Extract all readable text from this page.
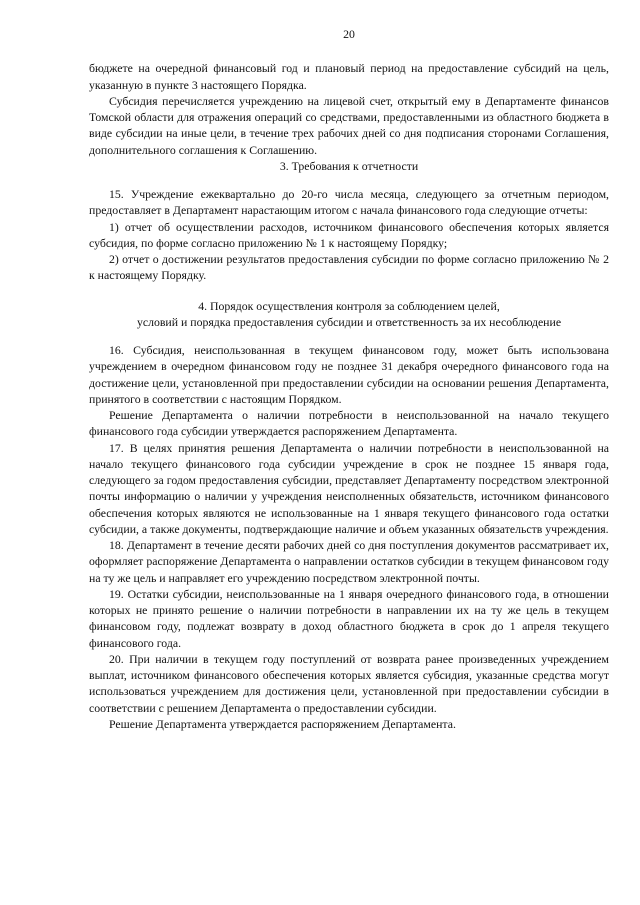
20

бюджете на очередной финансовый год и плановый период на предоставление субсидий на цель, указанную в пункте 3 настоящего Порядка.

Субсидия перечисляется учреждению на лицевой счет, открытый ему в Департаменте финансов Томской области для отражения операций со средствами, предоставленными из областного бюджета в виде субсидии на иные цели, в течение трех рабочих дней со дня подписания сторонами Соглашения, дополнительного соглашения к Соглашению.

3. Требования к отчетности

15. Учреждение ежеквартально до 20-го числа месяца, следующего за отчетным периодом, предоставляет в Департамент нарастающим итогом с начала финансового года следующие отчеты:

1) отчет об осуществлении расходов, источником финансового обеспечения которых является субсидия, по форме согласно приложению № 1 к настоящему Порядку;

2) отчет о достижении результатов предоставления субсидии по форме согласно приложению № 2 к настоящему Порядку.

4. Порядок осуществления контроля за соблюдением целей,
условий и порядка предоставления субсидии и ответственность за их несоблюдение

16. Субсидия, неиспользованная в текущем финансовом году, может быть использована учреждением в очередном финансовом году не позднее 31 декабря очередного финансового года на достижение цели, установленной при предоставлении субсидии на основании решения Департамента, принятого в соответствии с настоящим Порядком.

Решение Департамента о наличии потребности в неиспользованной на начало текущего финансового года субсидии утверждается распоряжением Департамента.

17. В целях принятия решения Департамента о наличии потребности в неиспользованной на начало текущего финансового года субсидии учреждение в срок не позднее 15 января года, следующего за годом предоставления субсидии, представляет Департаменту посредством электронной почты информацию о наличии у учреждения неисполненных обязательств, источником финансового обеспечения которых являются не использованные на 1 января текущего финансового года остатки субсидии, а также документы, подтверждающие наличие и объем указанных обязательств учреждения.

18. Департамент в течение десяти рабочих дней со дня поступления документов рассматривает их, оформляет распоряжение Департамента о направлении остатков субсидии в текущем финансовом году на ту же цель и направляет его учреждению посредством электронной почты.

19. Остатки субсидии, неиспользованные на 1 января очередного финансового года, в отношении которых не принято решение о наличии потребности в направлении их на ту же цель в текущем финансовом году, подлежат возврату в доход областного бюджета в срок до 1 апреля текущего финансового года.

20. При наличии в текущем году поступлений от возврата ранее произведенных учреждением выплат, источником финансового обеспечения которых является субсидия, указанные средства могут использоваться учреждением для достижения цели, установленной при предоставлении субсидии в соответствии с решением Департамента о предоставлении субсидии.

Решение Департамента утверждается распоряжением Департамента.
